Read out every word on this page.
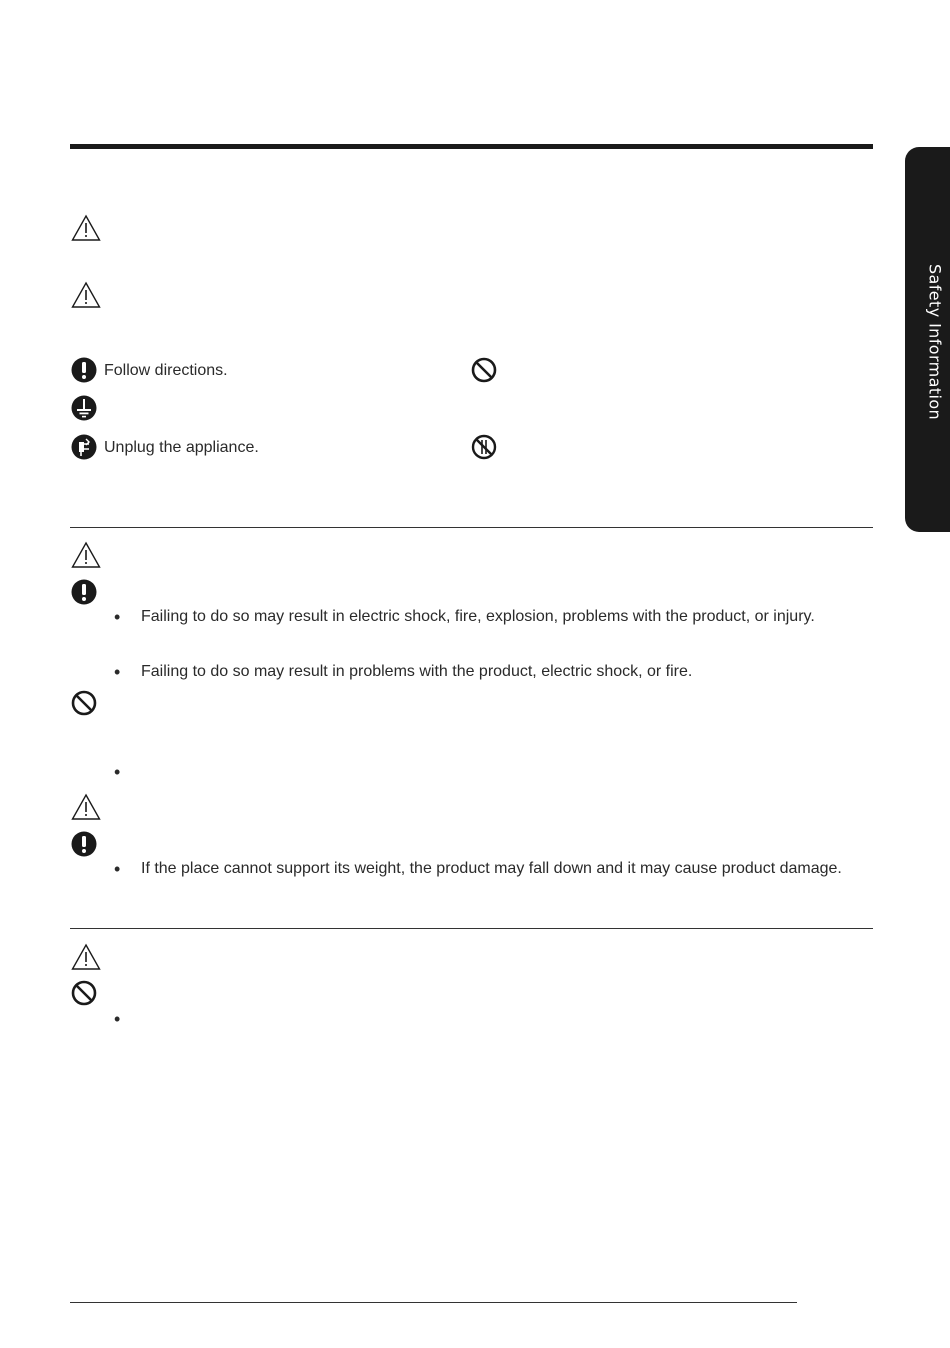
Safety Information
Follow directions.
Unplug the appliance.
•
Failing to do so may result in electric shock, fire, explosion, problems with the product, or injury.
•
Failing to do so may result in problems with the product, electric shock, or fire.
•
•
If the place cannot support its weight, the product may fall down and it may cause product damage.
•
